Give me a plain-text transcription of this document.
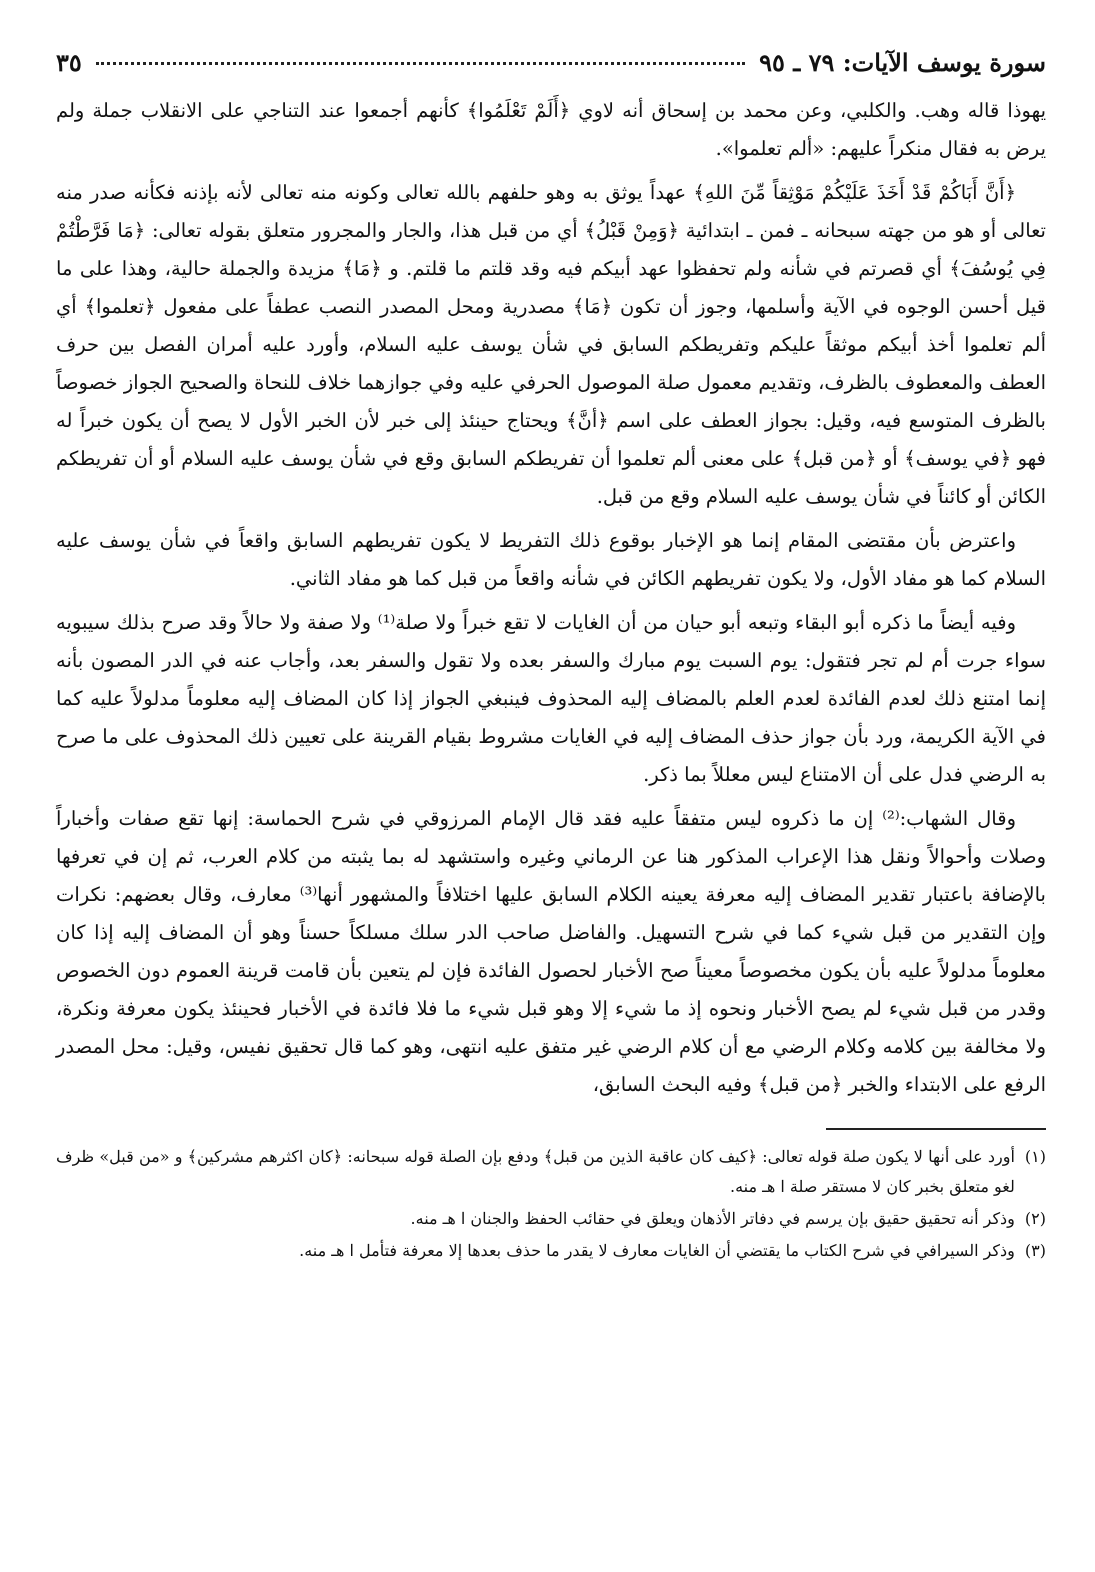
سورة يوسف الآيات: ٧٩ ـ ٩٥
٣٥

يهوذا قاله وهب. والكلبي، وعن محمد بن إسحاق أنه لاوي ﴿أَلَمْ تَعْلَمُوا﴾ كأنهم أجمعوا عند التناجي على الانقلاب جملة ولم يرض به فقال منكراً عليهم: «ألم تعلموا».

﴿أَنَّ أَبَاكُمْ قَدْ أَخَذَ عَلَيْكُمْ مَوْثِقاً مِّنَ اللهِ﴾ عهداً يوثق به وهو حلفهم بالله تعالى وكونه منه تعالى لأنه بإذنه فكأنه صدر منه تعالى أو هو من جهته سبحانه ـ فمن ـ ابتدائية ﴿وَمِنْ قَبْلُ﴾ أي من قبل هذا، والجار والمجرور متعلق بقوله تعالى: ﴿مَا فَرَّطْتُمْ فِي يُوسُفَ﴾ أي قصرتم في شأنه ولم تحفظوا عهد أبيكم فيه وقد قلتم ما قلتم. و ﴿مَا﴾ مزيدة والجملة حالية، وهذا على ما قيل أحسن الوجوه في الآية وأسلمها، وجوز أن تكون ﴿مَا﴾ مصدرية ومحل المصدر النصب عطفاً على مفعول ﴿تعلموا﴾ أي ألم تعلموا أخذ أبيكم موثقاً عليكم وتفريطكم السابق في شأن يوسف عليه السلام، وأورد عليه أمران الفصل بين حرف العطف والمعطوف بالظرف، وتقديم معمول صلة الموصول الحرفي عليه وفي جوازهما خلاف للنحاة والصحيح الجواز خصوصاً بالظرف المتوسع فيه، وقيل: بجواز العطف على اسم ﴿أنَّ﴾ ويحتاج حينئذ إلى خبر لأن الخبر الأول لا يصح أن يكون خبراً له فهو ﴿في يوسف﴾ أو ﴿من قبل﴾ على معنى ألم تعلموا أن تفريطكم السابق وقع في شأن يوسف عليه السلام أو أن تفريطكم الكائن أو كائناً في شأن يوسف عليه السلام وقع من قبل.

واعترض بأن مقتضى المقام إنما هو الإخبار بوقوع ذلك التفريط لا يكون تفريطهم السابق واقعاً في شأن يوسف عليه السلام كما هو مفاد الأول، ولا يكون تفريطهم الكائن في شأنه واقعاً من قبل كما هو مفاد الثاني.

وفيه أيضاً ما ذكره أبو البقاء وتبعه أبو حيان من أن الغايات لا تقع خبراً ولا صلة⁽¹⁾ ولا صفة ولا حالاً وقد صرح بذلك سيبويه سواء جرت أم لم تجر فتقول: يوم السبت يوم مبارك والسفر بعده ولا تقول والسفر بعد، وأجاب عنه في الدر المصون بأنه إنما امتنع ذلك لعدم الفائدة لعدم العلم بالمضاف إليه المحذوف فينبغي الجواز إذا كان المضاف إليه معلوماً مدلولاً عليه كما في الآية الكريمة، ورد بأن جواز حذف المضاف إليه في الغايات مشروط بقيام القرينة على تعيين ذلك المحذوف على ما صرح به الرضي فدل على أن الامتناع ليس معللاً بما ذكر.

وقال الشهاب:⁽²⁾ إن ما ذكروه ليس متفقاً عليه فقد قال الإمام المرزوقي في شرح الحماسة: إنها تقع صفات وأخباراً وصلات وأحوالاً ونقل هذا الإعراب المذكور هنا عن الرماني وغيره واستشهد له بما يثبته من كلام العرب، ثم إن في تعرفها بالإضافة باعتبار تقدير المضاف إليه معرفة يعينه الكلام السابق عليها اختلافاً والمشهور أنها⁽³⁾ معارف، وقال بعضهم: نكرات وإن التقدير من قبل شيء كما في شرح التسهيل. والفاضل صاحب الدر سلك مسلكاً حسناً وهو أن المضاف إليه إذا كان معلوماً مدلولاً عليه بأن يكون مخصوصاً معيناً صح الأخبار لحصول الفائدة فإن لم يتعين بأن قامت قرينة العموم دون الخصوص وقدر من قبل شيء لم يصح الأخبار ونحوه إذ ما شيء إلا وهو قبل شيء ما فلا فائدة في الأخبار فحينئذ يكون معرفة ونكرة، ولا مخالفة بين كلامه وكلام الرضي مع أن كلام الرضي غير متفق عليه انتهى، وهو كما قال تحقيق نفيس، وقيل: محل المصدر الرفع على الابتداء والخبر ﴿من قبل﴾ وفيه البحث السابق،

(١)
أورد على أنها لا يكون صلة قوله تعالى: ﴿كيف كان عاقبة الذين من قبل﴾ ودفع بإن الصلة قوله سبحانه: ﴿كان اكثرهم مشركين﴾ و «من قبل» ظرف لغو متعلق بخبر كان لا مستقر صلة ا هـ منه.
(٢)
وذكر أنه تحقيق حقيق بإن يرسم في دفاتر الأذهان ويعلق في حقائب الحفظ والجنان ا هـ منه.
(٣)
وذكر السيرافي في شرح الكتاب ما يقتضي أن الغايات معارف لا يقدر ما حذف بعدها إلا معرفة فتأمل ا هـ منه.
